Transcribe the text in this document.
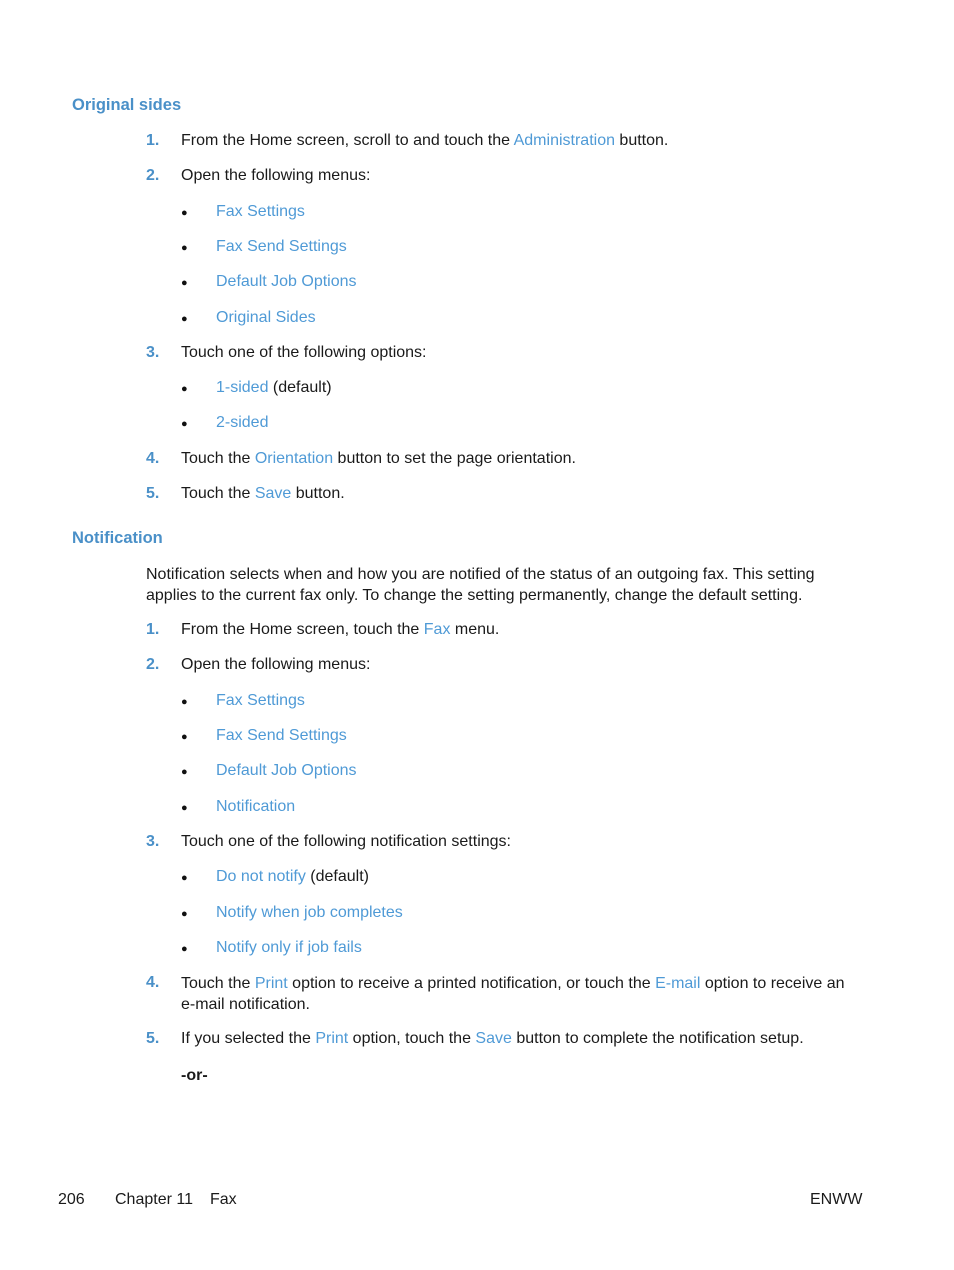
Original sides
1. From the Home screen, scroll to and touch the Administration button.
2. Open the following menus:
● Fax Settings
● Fax Send Settings
● Default Job Options
● Original Sides
3. Touch one of the following options:
● 1-sided (default)
● 2-sided
4. Touch the Orientation button to set the page orientation.
5. Touch the Save button.
Notification
Notification selects when and how you are notified of the status of an outgoing fax. This setting applies to the current fax only. To change the setting permanently, change the default setting.
1. From the Home screen, touch the Fax menu.
2. Open the following menus:
● Fax Settings
● Fax Send Settings
● Default Job Options
● Notification
3. Touch one of the following notification settings:
● Do not notify (default)
● Notify when job completes
● Notify only if job fails
4. Touch the Print option to receive a printed notification, or touch the E-mail option to receive an e-mail notification.
5. If you selected the Print option, touch the Save button to complete the notification setup.
-or-
206 Chapter 11 Fax	ENWW
